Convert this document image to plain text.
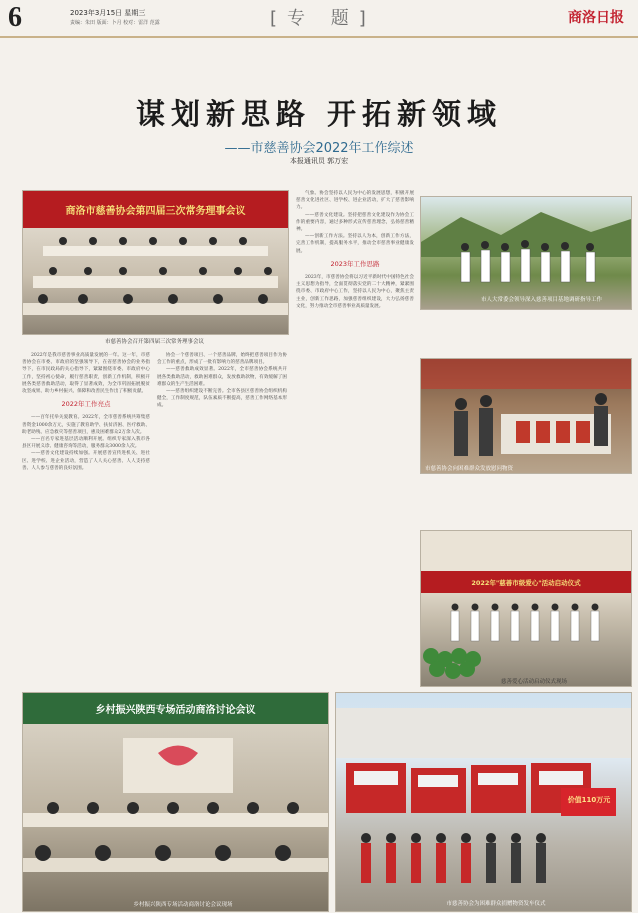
6	2023年3月15日 星期三
责编：朱田 版面：卜月 校对：雷洋 范露	[专 题]	商洛日报
谋划新思路 开拓新领域
——市慈善协会2022年工作综述
本报通讯员 郭万宏
商洛市慈善协会第四届三次常务理事会议
市慈善协会召开第四届三次常务理事会议
市人大常委会领导深入慈善项目基地调研指导工作
市慈善协会向困难群众发放慰问物资
2022年"慈善市级爱心"活动启动仪式
慈善爱心活动启动仪式现场
乡村振兴陕西专场活动商洛讨论会议
乡村振兴陕西专场活动商洛讨论会议现场
价值110万元
市慈善协会为困难群众捐赠物资发车仪式

2022年是我市慈善事业高质量发展的一年。这一年，市慈善协会在市委、市政府的坚强领导下，在省慈善协会的业务指导下，在市民政局的关心指导下，紧紧围绕市委、市政府中心工作，坚持初心使命，履行慈善职责，创新工作机制，积极开展各类慈善救助活动，取得了显著成效，为全市巩固拓展脱贫攻坚成果、助力乡村振兴、保障和改善民生作出了积极贡献。

2022年工作亮点

——百年托举关爱教育。2022年，全市慈善系统共筹集慈善资金1000余万元，实施了教育助学、扶贫济困、医疗救助、助老助残、应急救灾等慈善项目，惠及困难群众2万余人次。

——百名专家进基层活动顺利开展。组织专家深入我市各县区开展义诊、健康咨询等活动，服务群众3000余人次。

——慈善文化建设持续加强。开展慈善宣传进机关、进社区、进学校、进企业活动，营造了人人关心慈善、人人支持慈善、人人参与慈善的良好氛围。

协会一个慈善项目、一个慈善品牌，始终把慈善项目作为协会工作的重点，形成了一批有影响力的慈善品牌项目。

——慈善救助成效显著。2022年，全市慈善协会系统共开展各类救助活动，救助困难群众，发放救助款物，有效缓解了困难群众的生产生活困难。

——慈善组织建设不断完善。全市各县区慈善协会组织机构健全，工作制度规范，队伍素质不断提高，慈善工作网络基本形成。

气象。协会坚持以人民为中心的发展思想，积极开展慈善文化进社区、进学校、进企业活动，扩大了慈善影响力。

——慈善文化建设。坚持把慈善文化建设作为协会工作的重要内容，通过多种形式宣传慈善理念，弘扬慈善精神。

——创新工作方法。坚持以人为本，创新工作方法，完善工作机制，提高服务水平，推动全市慈善事业健康发展。

2023年工作思路

2023年，市慈善协会将以习近平新时代中国特色社会主义思想为指导，全面贯彻落实党的二十大精神，紧紧围绕市委、市政府中心工作，坚持以人民为中心，聚焦主责主业，创新工作思路，加强慈善组织建设，大力弘扬慈善文化，努力推动全市慈善事业高质量发展。
